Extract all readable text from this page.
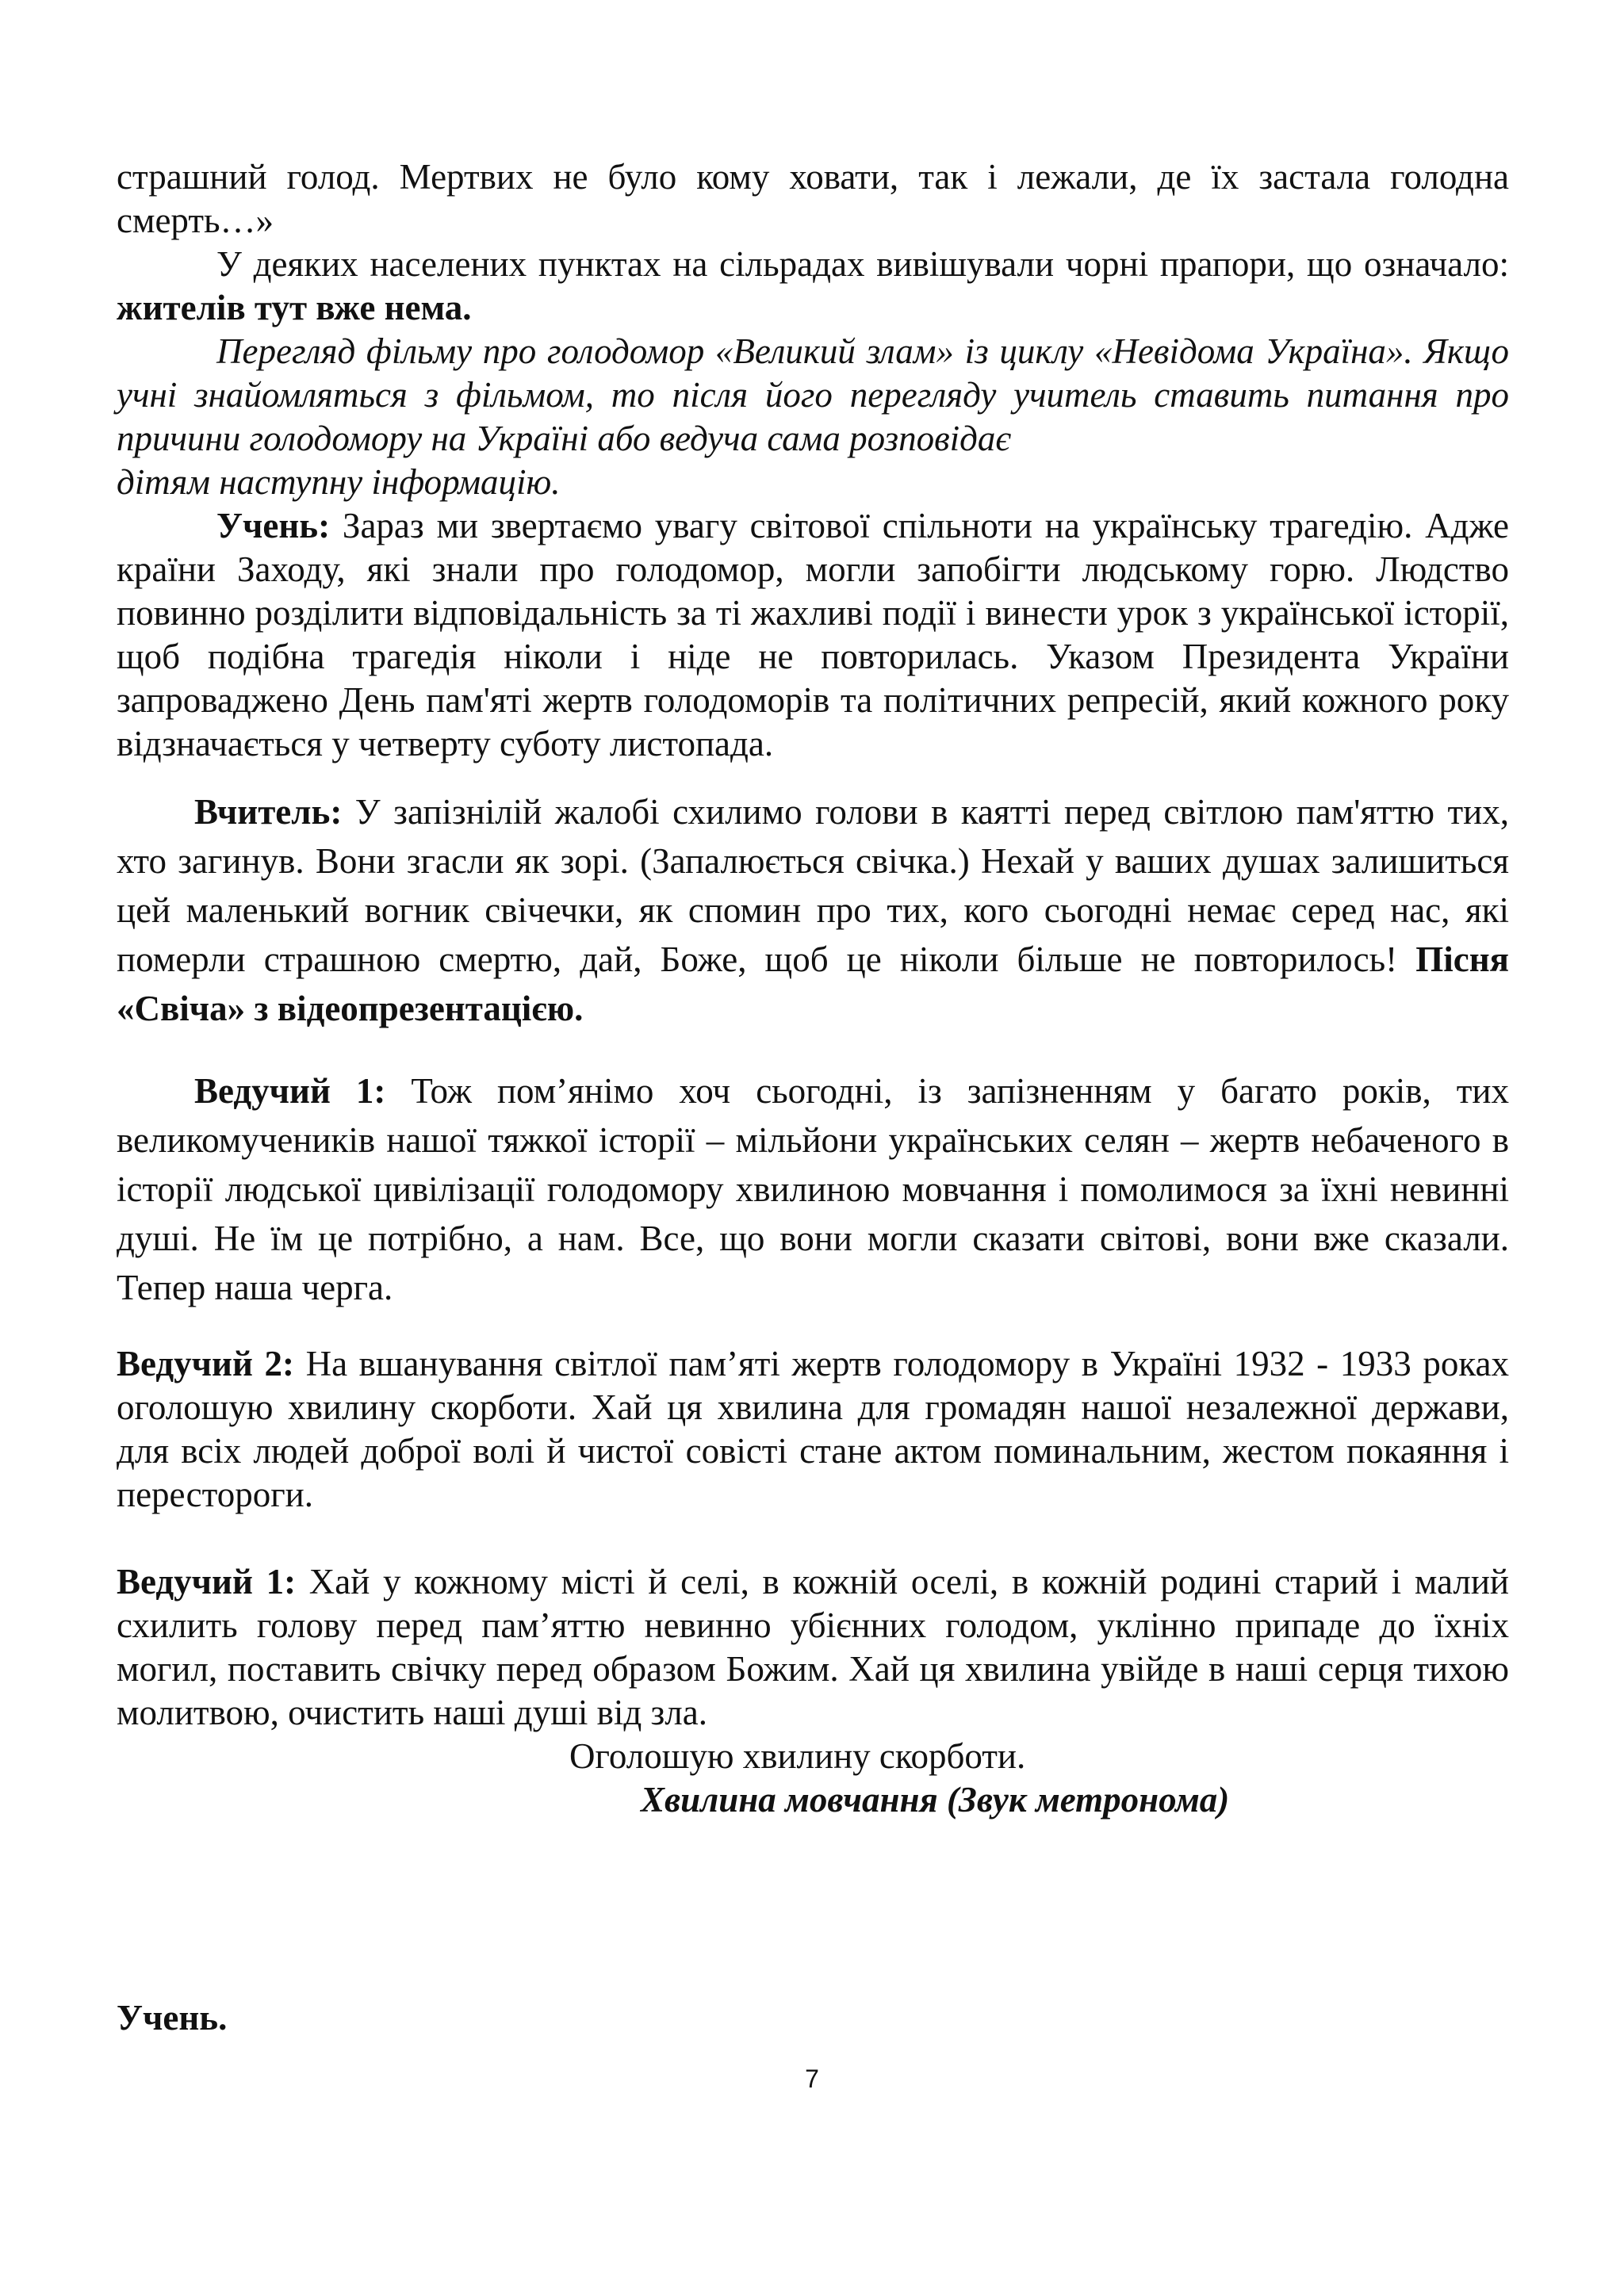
страшний голод. Мертвих не було кому ховати, так і лежали, де їх застала голодна смерть…»

У деяких населених пунктах на сільрадах вивішували чорні прапори, що означало: жителів тут вже нема.

Перегляд фільму про голодомор «Великий злам» із циклу «Невідома Україна». Якщо учні знайомляться з фільмом, то після його перегляду учитель ставить питання про причини голодомору на Україні або ведуча сама розповідає

дітям наступну інформацію.

Учень: Зараз ми звертаємо увагу світової спільноти на українську трагедію. Адже країни Заходу, які знали про голодомор, могли запобігти людському горю. Людство повинно розділити відповідальність за ті жахливі події і винести урок з української історії, щоб подібна трагедія ніколи і ніде не повторилась. Указом Президента України запроваджено День пам'яті жертв голодоморів та політичних репресій, який кожного року відзначається у четверту суботу листопада.

Вчитель: У запізнілій жалобі схилимо голови в каятті перед світлою пам'яттю тих, хто загинув. Вони згасли як зорі. (Запалюється свічка.) Нехай у ваших душах залишиться цей маленький вогник свічечки, як спомин про тих, кого сьогодні немає серед нас, які померли страшною смертю, дай, Боже, щоб це ніколи більше не повторилось! Пісня «Свіча» з відеопрезентацією.

Ведучий 1: Тож пом’янімо хоч сьогодні, із запізненням у багато років, тих великомучеників нашої тяжкої історії – мільйони українських селян – жертв небаченого в історії людської цивілізації голодомору хвилиною мовчання і помолимося за їхні невинні душі. Не їм це потрібно, а нам. Все, що вони могли сказати світові, вони вже сказали. Тепер наша черга.

Ведучий 2: На вшанування світлої пам’яті жертв голодомору в Україні 1932 - 1933 роках оголошую хвилину скорботи. Хай ця хвилина для громадян нашої незалежної держави, для всіх людей доброї волі й чистої совісті стане актом поминальним, жестом покаяння і перестороги.

Ведучий 1: Хай у кожному місті й селі, в кожній оселі, в кожній родині старий і малий схилить голову перед пам’яттю невинно убієнних голодом, уклінно припаде до їхніх могил, поставить свічку перед образом Божим. Хай ця хвилина увійде в наші серця тихою молитвою, очистить наші душі від зла.

Оголошую хвилину скорботи.

Хвилина мовчання (Звук метронома)

Учень.

7
